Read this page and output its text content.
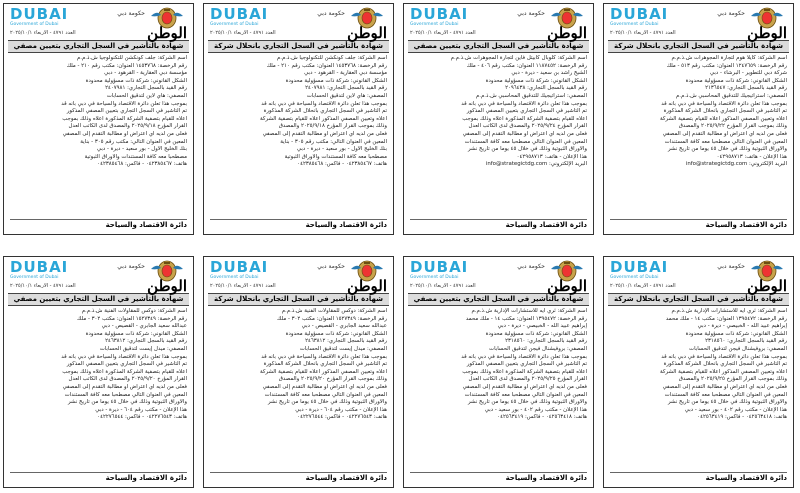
DUBAI
Government of Dubai
حكومة دبي
الوطن
العدد ٤٧٩١ - الاربعاء ٢٠٢٥/١٠/١
شهادة بالتأشير في السجل التجاري بانحلال شركة
اسم الشركة: كايلا هوم لتجارة المجوهرات ش.ذ.م.م
رقم الرخصة: ١٢٤٧٦٥٩ العنوان: مكتب رقم ٥١٣ - ملك
شركة دبي للتطوير - البرشاء - دبي
الشكل القانوني: شركة ذات مسؤولية محدودة
رقم القيد بالسجل التجاري: ٢١٣٦٥٤٧
المصفي: استراتيجيك للتدقيق المحاسبي ش.ذ.م.م
بموجب هذا تعلن دائرة الاقتصاد والسياحة في دبي بأنه قد
تم التأشير في السجل التجاري بانحلال الشركة المذكورة
أعلاه وتعيين المصفي المذكور أعلاه للقيام بتصفية الشركة
وذلك بموجب القرار المؤرخ ٢٠٢٥/٩/٢٢ والمصدق
فعلى من لديه أي اعتراض أو مطالبة التقدم إلى المصفي
المعين في العنوان التالي مصطحباً معه كافة المستندات
والأوراق الثبوتية وذلك في خلال ٤٥ يوماً من تاريخ نشر
هذا الإعلان - هاتف: ٠٤٢٩٥٨٧١٣
البريد الإلكتروني: info@strategictdg.com
دائرة الاقتصاد والسياحة
DUBAI
Government of Dubai
حكومة دبي
الوطن
العدد ٤٧٩١ - الاربعاء ٢٠٢٥/١٠/١
شهادة بالتأشير في السجل التجاري بتعيين مصفي
اسم الشركة: كلوبال كابيتل فاين لتجارة المجوهرات ش.ذ.م.م
رقم الرخصة: ١١٨٧٤٥٢ العنوان: مكتب رقم ٤٠٦ - ملك
الشيخ راشد بن سعيد - ديرة - دبي
الشكل القانوني: شركة ذات مسؤولية محدودة
رقم القيد بالسجل التجاري: ٢٠٩٦٤٣٨
المصفي: استراتيجيك للتدقيق المحاسبي ش.ذ.م.م
بموجب هذا تعلن دائرة الاقتصاد والسياحة في دبي بأنه قد
تم التأشير في السجل التجاري بتعيين المصفي المذكور
أعلاه للقيام بتصفية الشركة المذكورة أعلاه وذلك بموجب
القرار المؤرخ ٢٠٢٥/٩/٢٤ والمصدق لدى الكاتب العدل
فعلى من لديه أي اعتراض أو مطالبة التقدم إلى المصفي
المعين في العنوان التالي مصطحباً معه كافة المستندات
والأوراق الثبوتية وذلك في خلال ٤٥ يوماً من تاريخ نشر
هذا الإعلان - هاتف: ٠٤٢٩٥٨٧١٣
البريد الإلكتروني: info@strategictdg.com
دائرة الاقتصاد والسياحة
DUBAI
Government of Dubai
حكومة دبي
الوطن
العدد ٤٧٩١ - الاربعاء ٢٠٢٥/١٠/١
شهادة بالتأشير في السجل التجاري بانحلال شركة
اسم الشركة: جلف كونكشن للتكنولوجيا ش.ذ.م.م
رقم الرخصة: ١٤٥٣٧٦٨ العنوان: مكتب رقم ٢١٠ - ملك
مؤسسة دبي العقارية - القرهود - دبي
الشكل القانوني: شركة ذات مسؤولية محدودة
رقم القيد بالسجل التجاري: ٢٤٠٧٩٨١
المصفي: هاي لاين لتدقيق الحسابات
بموجب هذا تعلن دائرة الاقتصاد والسياحة في دبي بأنه قد
تم التأشير في السجل التجاري بانحلال الشركة المذكورة
أعلاه وتعيين المصفي المذكور أعلاه للقيام بتصفية الشركة
وذلك بموجب القرار المؤرخ ٢٠٢٥/٩/١٨ والمصدق
فعلى من لديه أي اعتراض أو مطالبة التقدم إلى المصفي
المعين في العنوان التالي: مكتب رقم ٣٠٥ - بناية
بنك الخليج الأول - بور سعيد - ديرة - دبي
مصطحباً معه كافة المستندات والأوراق الثبوتية
هاتف: ٠٤٢٣٨٥٤٦٧ - فاكس: ٠٤٢٣٨٥٤٦٨
دائرة الاقتصاد والسياحة
DUBAI
Government of Dubai
حكومة دبي
الوطن
العدد ٤٧٩١ - الاربعاء ٢٠٢٥/١٠/١
شهادة بالتأشير في السجل التجاري بتعيين مصفي
اسم الشركة: جلف كونكشن للتكنولوجيا ش.ذ.م.م
رقم الرخصة: ١٤٥٣٧٦٨ العنوان: مكتب رقم ٢١٠ - ملك
مؤسسة دبي العقارية - القرهود - دبي
الشكل القانوني: شركة ذات مسؤولية محدودة
رقم القيد بالسجل التجاري: ٢٤٠٧٩٨١
المصفي: هاي لاين لتدقيق الحسابات
بموجب هذا تعلن دائرة الاقتصاد والسياحة في دبي بأنه قد
تم التأشير في السجل التجاري بتعيين المصفي المذكور
أعلاه للقيام بتصفية الشركة المذكورة أعلاه وذلك بموجب
القرار المؤرخ ٢٠٢٥/٩/١٨ والمصدق لدى الكاتب العدل
فعلى من لديه أي اعتراض أو مطالبة التقدم إلى المصفي
المعين في العنوان التالي: مكتب رقم ٣٠٥ - بناية
بنك الخليج الأول - بور سعيد - ديرة - دبي
مصطحباً معه كافة المستندات والأوراق الثبوتية
هاتف: ٠٤٢٣٨٥٤٦٧ - فاكس: ٠٤٢٣٨٥٤٦٨
دائرة الاقتصاد والسياحة
DUBAI
Government of Dubai
حكومة دبي
الوطن
العدد ٤٧٩١ - الاربعاء ٢٠٢٥/١٠/١
شهادة بالتأشير في السجل التجاري بانحلال شركة
اسم الشركة: ثري ايه للاستشارات الإدارية ش.ذ.م.م
رقم الرخصة: ١٣٩٥٤٧٢ العنوان: مكتب ١٤ - ملك محمد
إبراهيم عبيد الله - الخبيصي - ديرة - دبي
الشكل القانوني: شركة ذات مسؤولية محدودة
رقم القيد بالسجل التجاري: ٢٣١٨٥٦٠
المصفي: بروفيشنال فيجن لتدقيق الحسابات
بموجب هذا تعلن دائرة الاقتصاد والسياحة في دبي بأنه قد
تم التأشير في السجل التجاري بانحلال الشركة المذكورة
أعلاه وتعيين المصفي المذكور أعلاه للقيام بتصفية الشركة
وذلك بموجب القرار المؤرخ ٢٠٢٥/٩/٢٥ والمصدق
فعلى من لديه أي اعتراض أو مطالبة التقدم إلى المصفي
المعين في العنوان التالي مصطحباً معه كافة المستندات
والأوراق الثبوتية وذلك في خلال ٤٥ يوماً من تاريخ نشر
هذا الإعلان - مكتب رقم ٤٠٢ - بور سعيد - دبي
هاتف: ٠٤٢٥٦٣٤١٨ - فاكس: ٠٤٢٥٦٣٤١٩
دائرة الاقتصاد والسياحة
DUBAI
Government of Dubai
حكومة دبي
الوطن
العدد ٤٧٩١ - الاربعاء ٢٠٢٥/١٠/١
شهادة بالتأشير في السجل التجاري بتعيين مصفي
اسم الشركة: ثري ايه للاستشارات الإدارية ش.ذ.م.م
رقم الرخصة: ١٣٩٥٤٧٢ العنوان: مكتب ١٤ - ملك محمد
إبراهيم عبيد الله - الخبيصي - ديرة - دبي
الشكل القانوني: شركة ذات مسؤولية محدودة
رقم القيد بالسجل التجاري: ٢٣١٨٥٦٠
المصفي: بروفيشنال فيجن لتدقيق الحسابات
بموجب هذا تعلن دائرة الاقتصاد والسياحة في دبي بأنه قد
تم التأشير في السجل التجاري بتعيين المصفي المذكور
أعلاه للقيام بتصفية الشركة المذكورة أعلاه وذلك بموجب
القرار المؤرخ ٢٠٢٥/٩/٢٥ والمصدق لدى الكاتب العدل
فعلى من لديه أي اعتراض أو مطالبة التقدم إلى المصفي
المعين في العنوان التالي مصطحباً معه كافة المستندات
والأوراق الثبوتية وذلك في خلال ٤٥ يوماً من تاريخ نشر
هذا الإعلان - مكتب رقم ٤٠٢ - بور سعيد - دبي
هاتف: ٠٤٢٥٦٣٤١٨ - فاكس: ٠٤٢٥٦٣٤١٩
دائرة الاقتصاد والسياحة
DUBAI
Government of Dubai
حكومة دبي
الوطن
العدد ٤٧٩١ - الاربعاء ٢٠٢٥/١٠/١
شهادة بالتأشير في السجل التجاري بانحلال شركة
اسم الشركة: دوكس للمقاولات الفنية ش.ذ.م.م
رقم الرخصة: ١٥٢٧٣٤٩ العنوان: مكتب ٣٠٢ - ملك
عبدالله سعيد الجابري - القصيص - دبي
الشكل القانوني: شركة ذات مسؤولية محدودة
رقم القيد بالسجل التجاري: ٢٤٦٣٨١٢
المصفي: ميدل إيست لتدقيق الحسابات
بموجب هذا تعلن دائرة الاقتصاد والسياحة في دبي بأنه قد
تم التأشير في السجل التجاري بانحلال الشركة المذكورة
أعلاه وتعيين المصفي المذكور أعلاه للقيام بتصفية الشركة
وذلك بموجب القرار المؤرخ ٢٠٢٥/٩/٢٠ والمصدق
فعلى من لديه أي اعتراض أو مطالبة التقدم إلى المصفي
المعين في العنوان التالي مصطحباً معه كافة المستندات
والأوراق الثبوتية وذلك في خلال ٤٥ يوماً من تاريخ نشر
هذا الإعلان - مكتب رقم ٦٠٤ - ديرة - دبي
هاتف: ٠٤٢٢٧٦٥٤٣ - فاكس: ٠٤٢٢٧٦٥٤٤
دائرة الاقتصاد والسياحة
DUBAI
Government of Dubai
حكومة دبي
الوطن
العدد ٤٧٩١ - الاربعاء ٢٠٢٥/١٠/١
شهادة بالتأشير في السجل التجاري بتعيين مصفي
اسم الشركة: دوكس للمقاولات الفنية ش.ذ.م.م
رقم الرخصة: ١٥٢٧٣٤٩ العنوان: مكتب ٣٠٢ - ملك
عبدالله سعيد الجابري - القصيص - دبي
الشكل القانوني: شركة ذات مسؤولية محدودة
رقم القيد بالسجل التجاري: ٢٤٦٣٨١٢
المصفي: ميدل إيست لتدقيق الحسابات
بموجب هذا تعلن دائرة الاقتصاد والسياحة في دبي بأنه قد
تم التأشير في السجل التجاري بتعيين المصفي المذكور
أعلاه للقيام بتصفية الشركة المذكورة أعلاه وذلك بموجب
القرار المؤرخ ٢٠٢٥/٩/٢٠ والمصدق لدى الكاتب العدل
فعلى من لديه أي اعتراض أو مطالبة التقدم إلى المصفي
المعين في العنوان التالي مصطحباً معه كافة المستندات
والأوراق الثبوتية وذلك في خلال ٤٥ يوماً من تاريخ نشر
هذا الإعلان - مكتب رقم ٦٠٤ - ديرة - دبي
هاتف: ٠٤٢٢٧٦٥٤٣ - فاكس: ٠٤٢٢٧٦٥٤٤
دائرة الاقتصاد والسياحة
